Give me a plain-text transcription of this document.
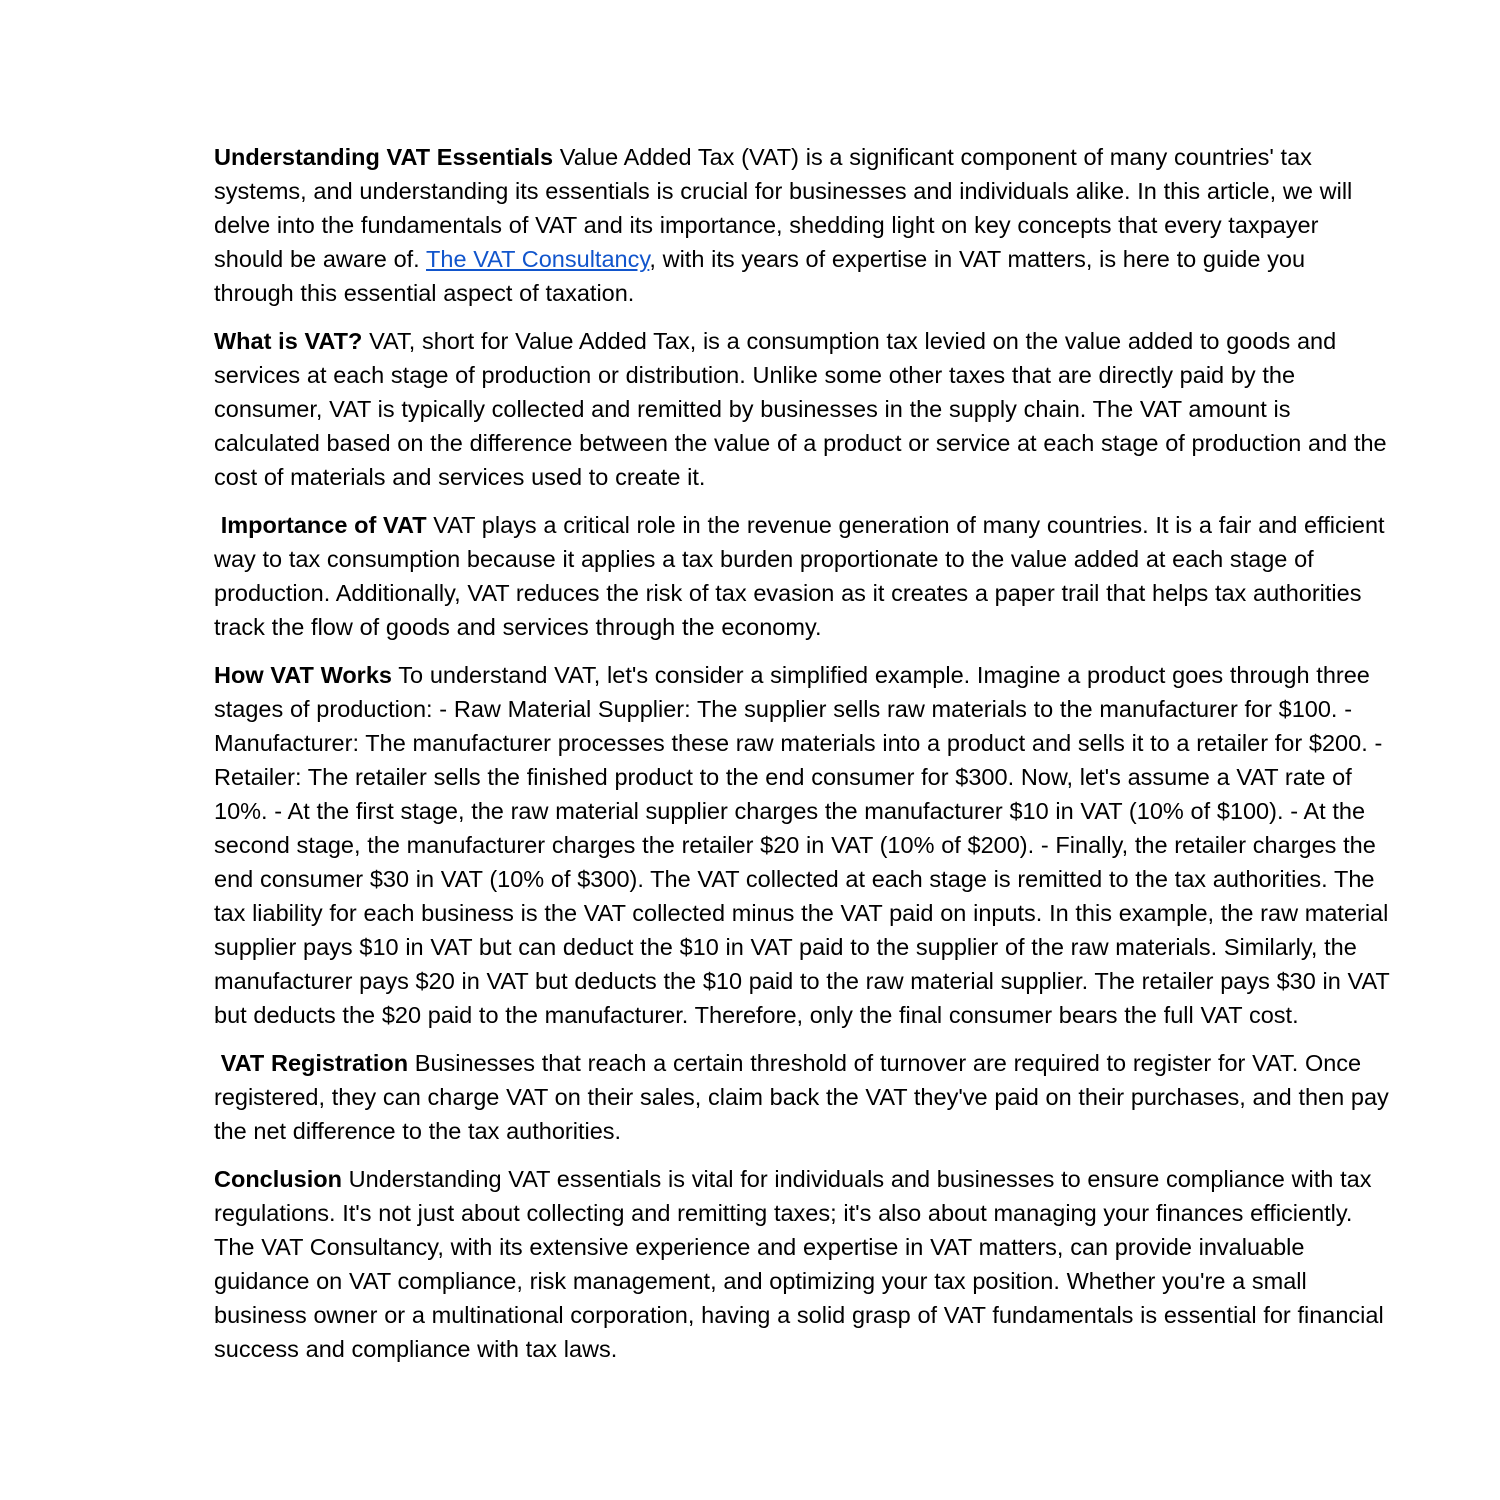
Understanding VAT Essentials Value Added Tax (VAT) is a significant component of many countries' tax systems, and understanding its essentials is crucial for businesses and individuals alike. In this article, we will delve into the fundamentals of VAT and its importance, shedding light on key concepts that every taxpayer should be aware of. The VAT Consultancy, with its years of expertise in VAT matters, is here to guide you through this essential aspect of taxation.

What is VAT? VAT, short for Value Added Tax, is a consumption tax levied on the value added to goods and services at each stage of production or distribution. Unlike some other taxes that are directly paid by the consumer, VAT is typically collected and remitted by businesses in the supply chain. The VAT amount is calculated based on the difference between the value of a product or service at each stage of production and the cost of materials and services used to create it.

Importance of VAT VAT plays a critical role in the revenue generation of many countries. It is a fair and efficient way to tax consumption because it applies a tax burden proportionate to the value added at each stage of production. Additionally, VAT reduces the risk of tax evasion as it creates a paper trail that helps tax authorities track the flow of goods and services through the economy.

How VAT Works To understand VAT, let's consider a simplified example. Imagine a product goes through three stages of production: - Raw Material Supplier: The supplier sells raw materials to the manufacturer for $100. - Manufacturer: The manufacturer processes these raw materials into a product and sells it to a retailer for $200. - Retailer: The retailer sells the finished product to the end consumer for $300. Now, let's assume a VAT rate of 10%. - At the first stage, the raw material supplier charges the manufacturer $10 in VAT (10% of $100). - At the second stage, the manufacturer charges the retailer $20 in VAT (10% of $200). - Finally, the retailer charges the end consumer $30 in VAT (10% of $300). The VAT collected at each stage is remitted to the tax authorities. The tax liability for each business is the VAT collected minus the VAT paid on inputs. In this example, the raw material supplier pays $10 in VAT but can deduct the $10 in VAT paid to the supplier of the raw materials. Similarly, the manufacturer pays $20 in VAT but deducts the $10 paid to the raw material supplier. The retailer pays $30 in VAT but deducts the $20 paid to the manufacturer. Therefore, only the final consumer bears the full VAT cost.

VAT Registration Businesses that reach a certain threshold of turnover are required to register for VAT. Once registered, they can charge VAT on their sales, claim back the VAT they've paid on their purchases, and then pay the net difference to the tax authorities.

Conclusion Understanding VAT essentials is vital for individuals and businesses to ensure compliance with tax regulations. It's not just about collecting and remitting taxes; it's also about managing your finances efficiently. The VAT Consultancy, with its extensive experience and expertise in VAT matters, can provide invaluable guidance on VAT compliance, risk management, and optimizing your tax position. Whether you're a small business owner or a multinational corporation, having a solid grasp of VAT fundamentals is essential for financial success and compliance with tax laws.
